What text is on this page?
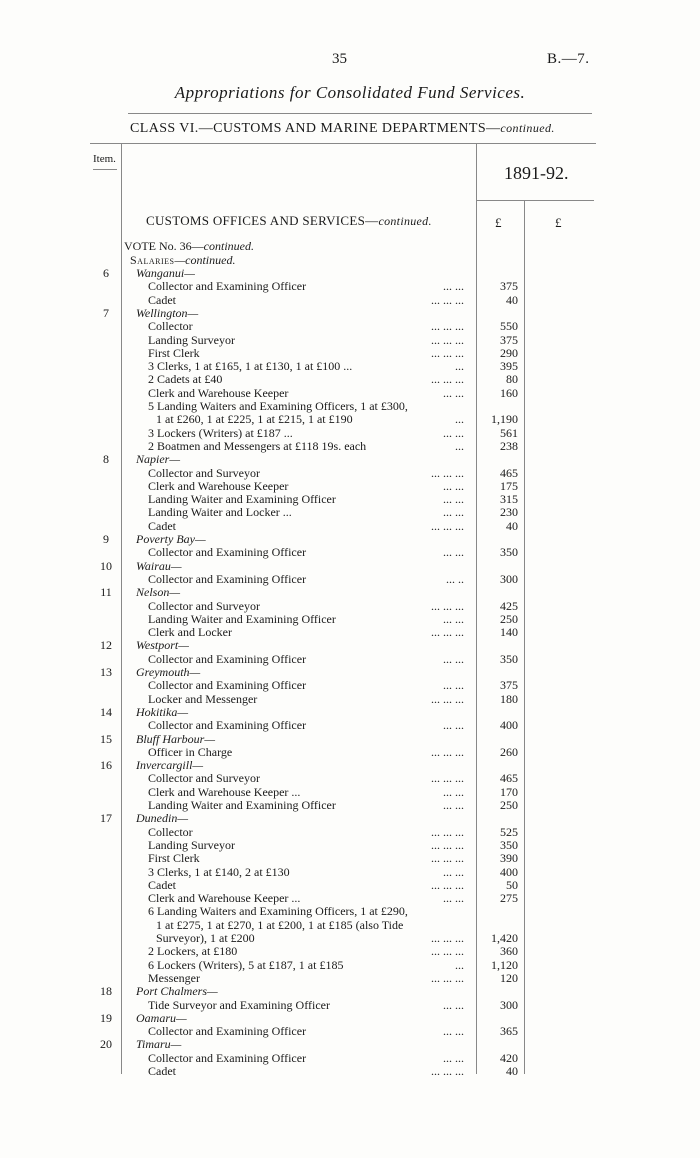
35	B.—7.
Appropriations for Consolidated Fund Services.
CLASS VI.—CUSTOMS AND MARINE DEPARTMENTS—continued.
Item.
1891-92.
CUSTOMS OFFICES AND SERVICES—continued.	£	£
VOTE No. 36—continued.
Salaries—continued.
6	Wanganui—
Collector and Examining Officer	... ...	375
Cadet	... ... ...	40
7	Wellington—
Collector	... ... ...	550
Landing Surveyor	... ... ...	375
First Clerk	... ... ...	290
3 Clerks, 1 at £165, 1 at £130, 1 at £100 ...	...	395
2 Cadets at £40	... ... ...	80
Clerk and Warehouse Keeper	... ...	160
5 Landing Waiters and Examining Officers, 1 at £300,
1 at £260, 1 at £225, 1 at £215, 1 at £190	...	1,190
3 Lockers (Writers) at £187 ...	... ...	561
2 Boatmen and Messengers at £118 19s. each	...	238
8	Napier—
Collector and Surveyor	... ... ...	465
Clerk and Warehouse Keeper	... ...	175
Landing Waiter and Examining Officer	... ...	315
Landing Waiter and Locker ...	... ...	230
Cadet	... ... ...	40
9	Poverty Bay—
Collector and Examining Officer	... ...	350
10	Wairau—
Collector and Examining Officer	... ..	300
11	Nelson—
Collector and Surveyor	... ... ...	425
Landing Waiter and Examining Officer	... ...	250
Clerk and Locker	... ... ...	140
12	Westport—
Collector and Examining Officer	... ...	350
13	Greymouth—
Collector and Examining Officer	... ...	375
Locker and Messenger	... ... ...	180
14	Hokitika—
Collector and Examining Officer	... ...	400
15	Bluff Harbour—
Officer in Charge	... ... ...	260
16	Invercargill—
Collector and Surveyor	... ... ...	465
Clerk and Warehouse Keeper ...	... ...	170
Landing Waiter and Examining Officer	... ...	250
17	Dunedin—
Collector	... ... ...	525
Landing Surveyor	... ... ...	350
First Clerk	... ... ...	390
3 Clerks, 1 at £140, 2 at £130	... ...	400
Cadet	... ... ...	50
Clerk and Warehouse Keeper ...	... ...	275
6 Landing Waiters and Examining Officers, 1 at £290,
1 at £275, 1 at £270, 1 at £200, 1 at £185 (also Tide
Surveyor), 1 at £200	... ... ...	1,420
2 Lockers, at £180	... ... ...	360
6 Lockers (Writers), 5 at £187, 1 at £185	...	1,120
Messenger	... ... ...	120
18	Port Chalmers—
Tide Surveyor and Examining Officer	... ...	300
19	Oamaru—
Collector and Examining Officer	... ...	365
20	Timaru—
Collector and Examining Officer	... ...	420
Cadet	... ... ...	40
